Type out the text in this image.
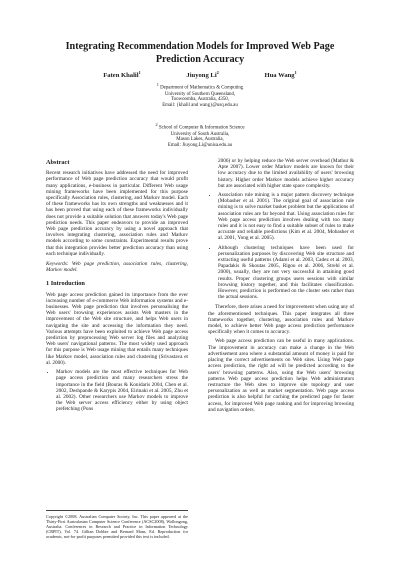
Integrating Recommendation Models for Improved Web Page
Prediction Accuracy
Faten Khalil$^1$	Jiuyong Li$^2$	Hua Wang$^1$
$^1$ Department of Mathematics & Computing
University of Southern Queensland,
Toowoomba, Australia, 4350,
Email: {khalil and wang}@usq.edu.au
$^2$ School of Computer & Information Science
University of South Australia,
Mason Lakes, Australia,
Email: Jiuyong.Li@unisa.edu.au
Abstract

Recent research initiatives have addressed the need for improved performance of Web page prediction accuracy that would profit many applications, e-business in particular. Different Web usage mining frameworks have been implemented for this purpose specifically Association rules, clustering, and Markov model. Each of these frameworks has its own strengths and weaknesses and it has been proved that using each of these frameworks individually does not provide a suitable solution that answers today's Web page prediction needs. This paper endeavors to provide an improved Web page prediction accuracy by using a novel approach that involves integrating clustering, association rules and Markov models according to some constraints. Experimental results prove that this integration provides better prediction accuracy than using each technique individually.

Keywords: Web page prediction, association rules, clustering, Markov model.

1 Introduction

Web page access prediction gained its importance from the ever increasing number of e-commerce Web information systems and e-businesses. Web page prediction that involves personalising the Web users' browsing experiences assists Web masters in the improvement of the Web site structure, and helps Web users in navigating the site and accessing the information they need. Various attempts have been exploited to achieve Web page access prediction by preprocessing Web server log files and analyzing Web users' navigational patterns. The most widely used approach for this purpose is Web usage mining that entails many techniques like Markov model, association rules and clustering (Srivastava et al. 2000).

• Markov models are the most effective techniques for Web page access prediction and many researchers stress the importance in the field (Bouras & Konidaris 2004, Chen et al. 2002, Deshpande & Karypis 2004, Eirinaki et al. 2005, Zhu et al. 2002). Other researchers use Markov models to improve the Web server access efficiency either by using object prefetching (Pons

2006) or by helping reduce the Web server overhead (Mathur & Apte 2007). Lower order Markov models are known for their low accuracy due to the limited availability of users' browsing history. Higher order Markov models achieve higher accuracy but are associated with higher state space complexity.

• Association rule mining is a major pattern discovery technique (Mobasher et al. 2001). The original goal of association rule mining is to solve market basket problem but the applications of association rules are far beyond that. Using association rules for Web page access prediction involves dealing with too many rules and it is not easy to find a suitable subset of rules to make accurate and reliable predictions (Kim et al. 2004, Mobasher et al. 2001, Yong et al. 2005).
• Although clustering techniques have been used for personalization purposes by discovering Web site structure and extracting useful patterns (Adami et al. 2003, Cadez et al. 2003, Papadakis & Skoutas 2005, Rigou et al. 2006, Strehl et al. 2000), usually, they are not very successful in attaining good results. Proper clustering groups users sessions with similar browsing history together, and this facilitates classification. However, prediction is performed on the cluster sets rather than the actual sessions.

Therefore, there arises a need for improvement when using any of the aforementioned techniques. This paper integrates all three frameworks together, clustering, association rules and Markov model, to achieve better Web page access prediction performance specifically when it comes to accuracy.

Web page access prediction can be useful in many applications. The improvement in accuracy can make a change in the Web advertisement area where a substantial amount of money is paid for placing the correct advertisements on Web sites. Using Web page access prediction, the right ad will be predicted according to the users' browsing patterns. Also, using the Web users' browsing patterns Web page access prediction helps Web administrators restructure the Web sites to improve site topology and user personalization as well as market segmentation. Web page access prediction is also helpful for caching the predicted page for faster access, for improved Web page ranking and for improving browsing and navigation orders.

Copyright ©2008, Australian Computer Society, Inc. This paper appeared at the Thirty-First Australasian Computer Science Conference (ACSC2008), Wollongong, Australia. Conferences in Research and Practice in Information Technology (CRPIT), Vol. 74. Gillian Dobbie and Bernard Mans, Ed. Reproduction for academic, not-for profit purposes permitted provided this text is included.
